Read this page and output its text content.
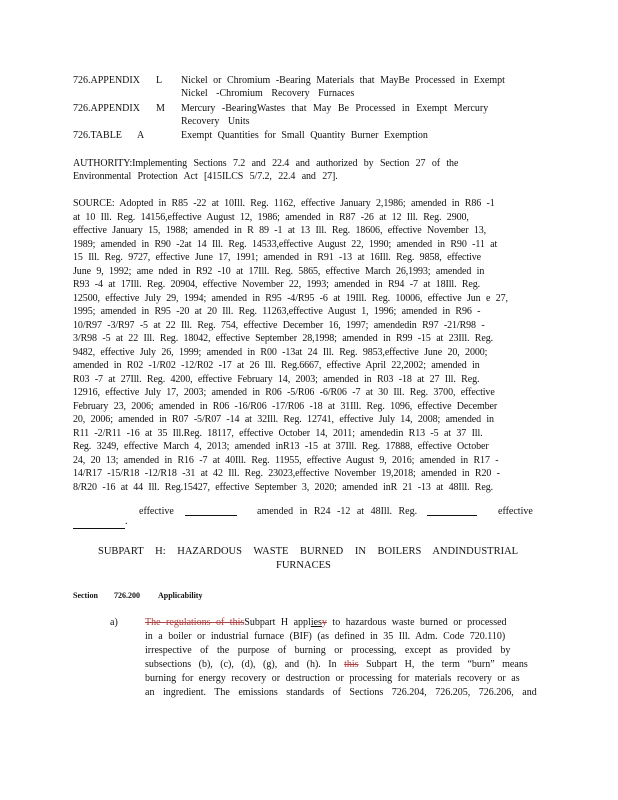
726.APPENDIX L Nickel or Chromium -Bearing Materials that MayBe Processed in Exempt
Nickel -Chromium Recovery Furnaces
726.APPENDIX M Mercury -BearingWastes that May Be Processed in Exempt Mercury
Recovery Units
726.TABLE A	Exempt Quantities for Small Quantity Burner Exemption
AUTHORITY:Implementing Sections 7.2 and 22.4 and authorized by Section 27 of the
Environmental Protection Act [415ILCS 5/7.2, 22.4 and 27].
SOURCE: Adopted in R85 -22 at 10Ill. Reg. 1162, effective January 2,1986; amended in R86 -1
at 10 Ill. Reg. 14156,effective August 12, 1986; amended in R87 -26 at 12 Ill. Reg. 2900,
effective January 15, 1988; amended in R 89 -1 at 13 Ill. Reg. 18606, effective November 13,
1989; amended in R90 -2at 14 Ill. Reg. 14533,effective August 22, 1990; amended in R90 -11 at
15 Ill. Reg. 9727, effective June 17, 1991; amended in R91 -13 at 16Ill. Reg. 9858, effective
June 9, 1992; ame nded in R92 -10 at 17Ill. Reg. 5865, effective March 26,1993; amended in
R93 -4 at 17Ill. Reg. 20904, effective November 22, 1993; amended in R94 -7 at 18Ill. Reg.
12500, effective July 29, 1994; amended in R95 -4/R95 -6 at 19Ill. Reg. 10006, effective Jun e 27,
1995; amended in R95 -20 at 20 Ill. Reg. 11263,effective August 1, 1996; amended in R96 -
10/R97 -3/R97 -5 at 22 Ill. Reg. 754, effective December 16, 1997; amendedin R97 -21/R98 -
3/R98 -5 at 22 Ill. Reg. 18042, effective September 28,1998; amended in R99 -15 at 23Ill. Reg.
9482, effective July 26, 1999; amended in R00 -13at 24 Ill. Reg. 9853,effective June 20, 2000;
amended in R02 -1/R02 -12/R02 -17 at 26 Ill. Reg.6667, effective April 22,2002; amended in
R03 -7 at 27Ill. Reg. 4200, effective February 14, 2003; amended in R03 -18 at 27 Ill. Reg.
12916, effective July 17, 2003; amended in R06 -5/R06 -6/R06 -7 at 30 Ill. Reg. 3700, effective
February 23, 2006; amended in R06 -16/R06 -17/R06 -18 at 31Ill. Reg. 1096, effective December
20, 2006; amended in R07 -5/R07 -14 at 32Ill. Reg. 12741, effective July 14, 2008; amended in
R11 -2/R11 -16 at 35 Ill.Reg. 18117, effective October 14, 2011; amendedin R13 -5 at 37 Ill.
Reg. 3249, effective March 4, 2013; amended inR13 -15 at 37Ill. Reg. 17888, effective October
24, 20 13; amended in R16 -7 at 40Ill. Reg. 11955, effective August 9, 2016; amended in R17 -
14/R17 -15/R18 -12/R18 -31 at 42 Ill. Reg. 23023,effective November 19,2018; amended in R20 -
8/R20 -16 at 44 Ill. Reg.15427, effective September 3, 2020; amended inR 21 -13 at 48Ill. Reg.
effective	amended in R24 -12 at 48Ill. Reg.	effective
.
SUBPART H: HAZARDOUS WASTE BURNED IN BOILERS ANDINDUSTRIAL
FURNACES
Section 726.200 Applicability
a)	The regulations of thisSubpart H appliesy to hazardous waste burned or processed
in a boiler or industrial furnace (BIF) (as defined in 35 Ill. Adm. Code 720.110)
irrespective of the purpose of burning or processing, except as provided by
subsections (b), (c), (d), (g), and (h). In this Subpart H, the term “burn” means
burning for energy recovery or destruction or processing for materials recovery or as
an ingredient. The emissions standards of Sections 726.204, 726.205, 726.206, and
